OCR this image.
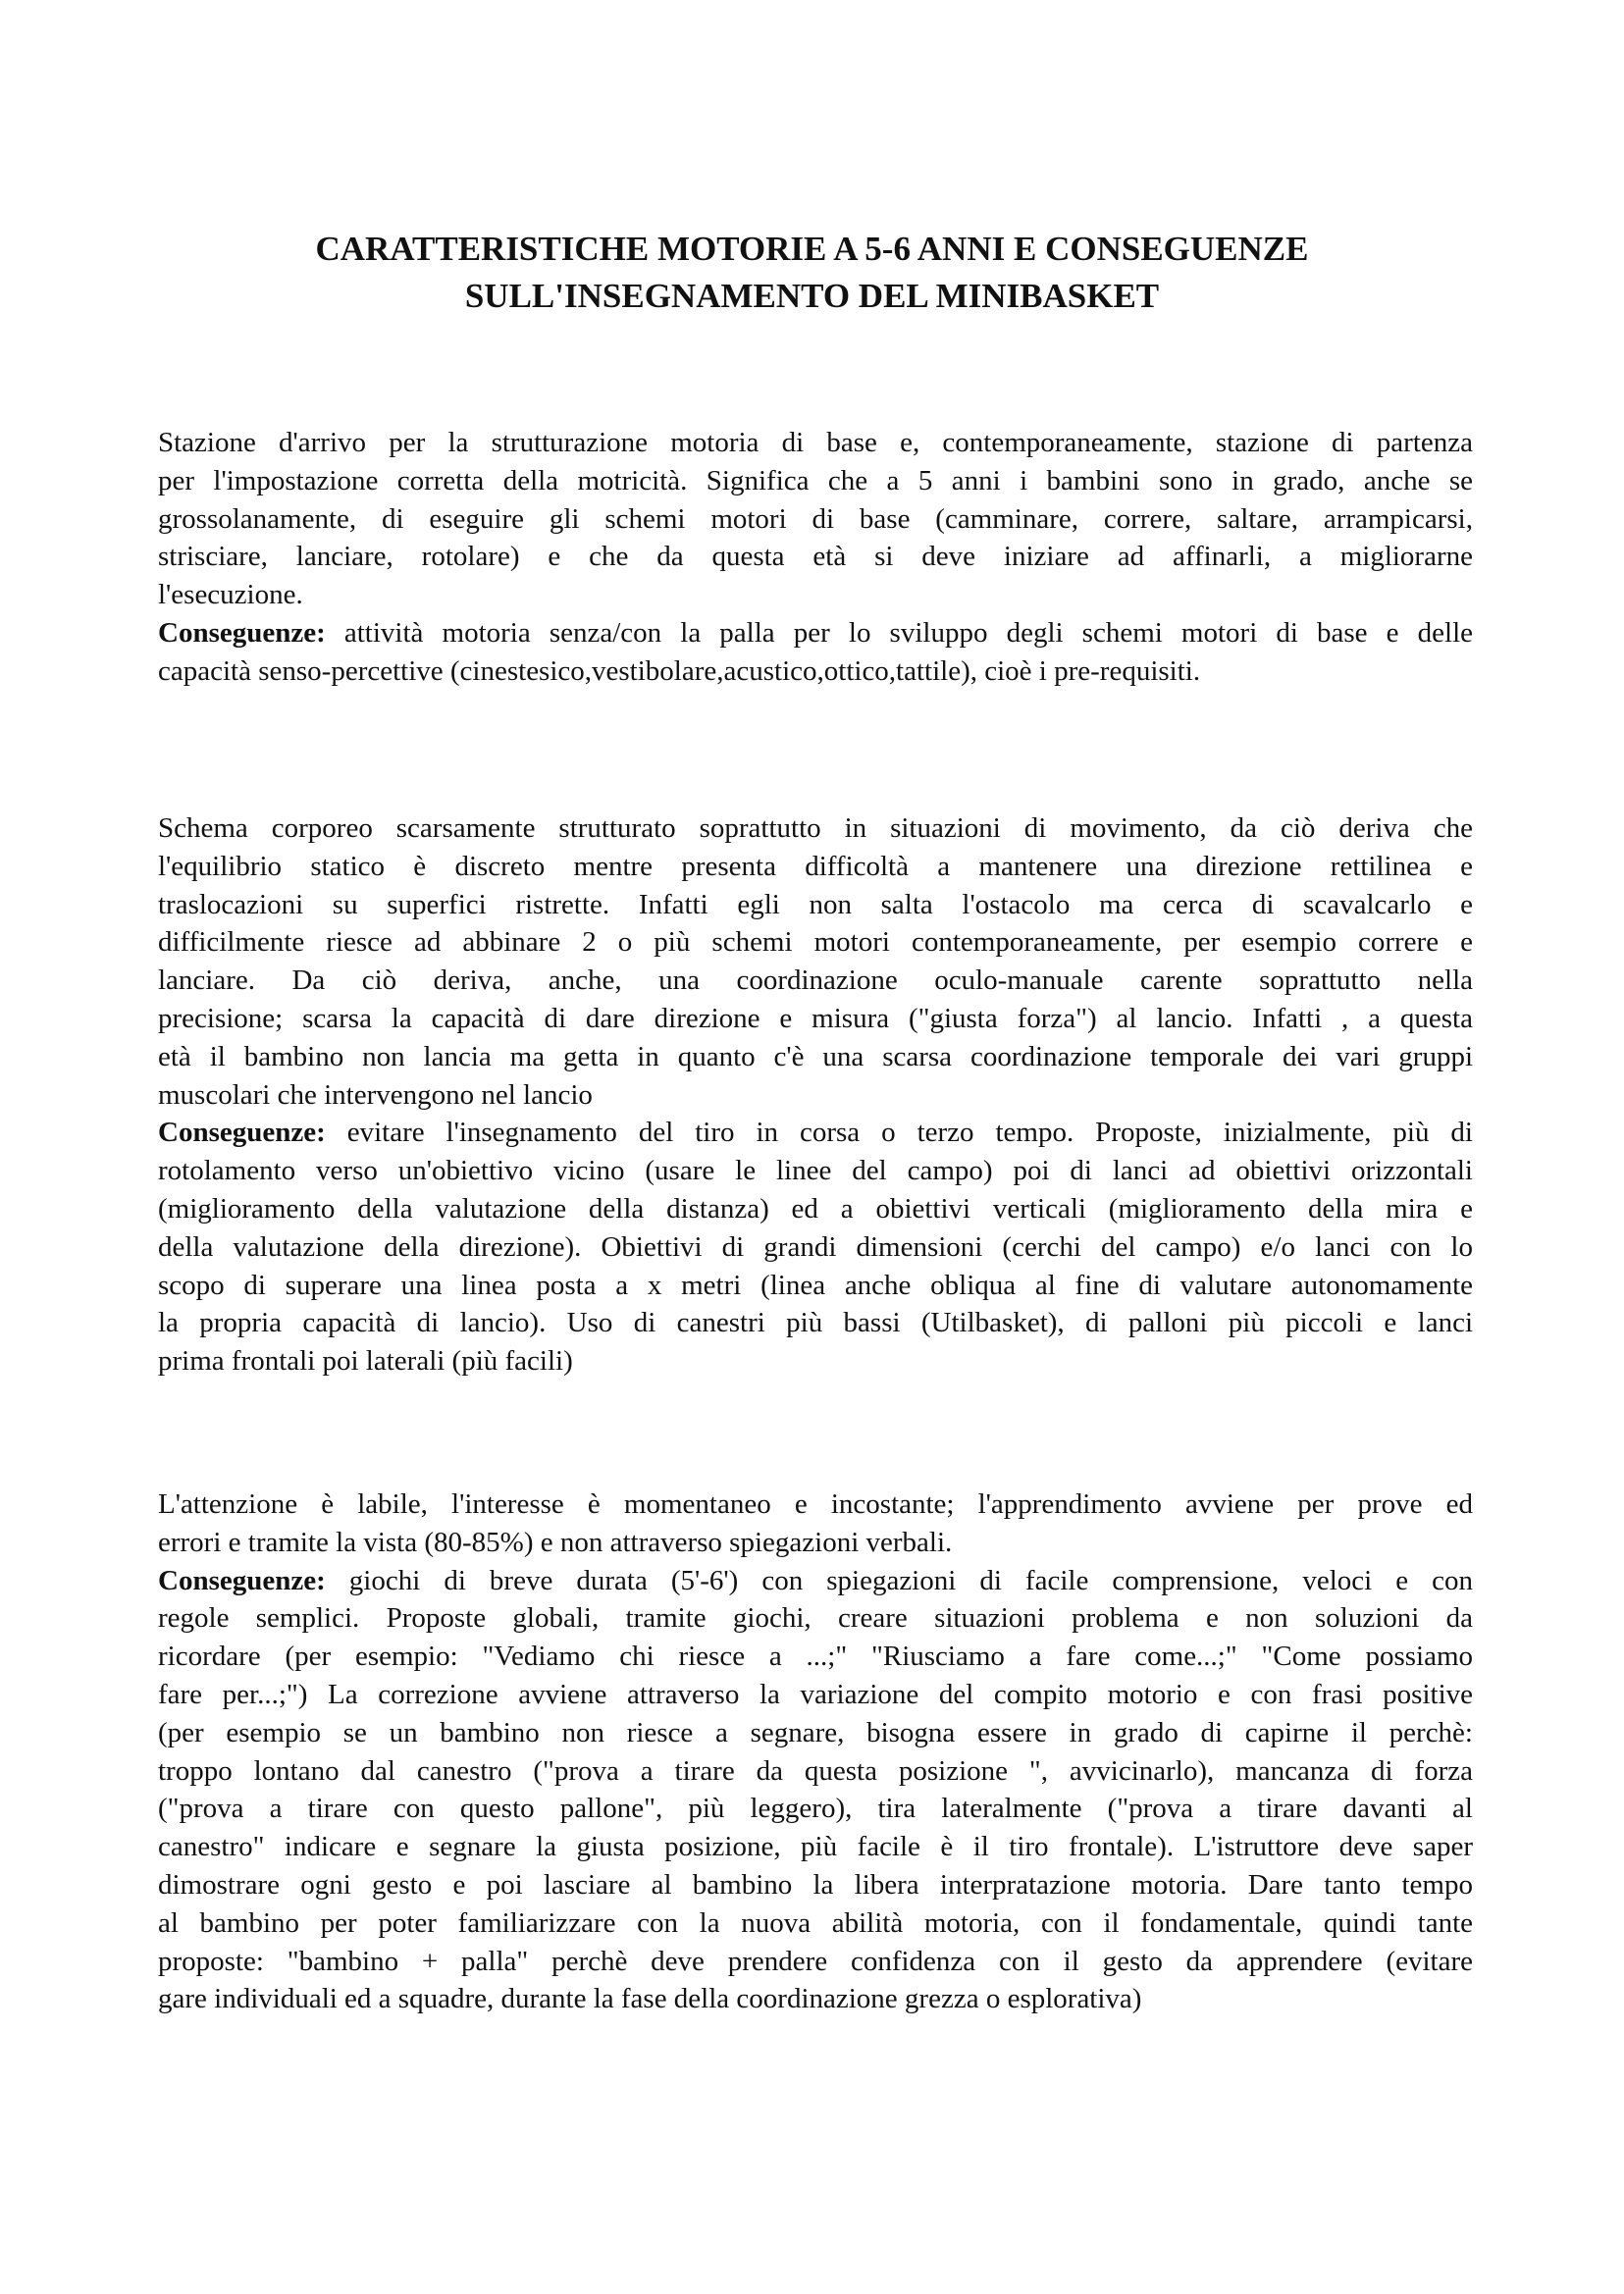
CARATTERISTICHE MOTORIE A 5-6 ANNI E CONSEGUENZE
SULL'INSEGNAMENTO DEL MINIBASKET

Stazione d'arrivo per la strutturazione motoria di base e, contemporaneamente, stazione di partenza
per l'impostazione corretta della motricità. Significa che a 5 anni i bambini sono in grado, anche se
grossolanamente, di eseguire gli schemi motori di base (camminare, correre, saltare, arrampicarsi,
strisciare, lanciare, rotolare) e che da questa età si deve iniziare ad affinarli, a migliorarne
l'esecuzione.

Conseguenze: attività motoria senza/con la palla per lo sviluppo degli schemi motori di base e delle
capacità senso-percettive (cinestesico,vestibolare,acustico,ottico,tattile), cioè i pre-requisiti.

Schema corporeo scarsamente strutturato soprattutto in situazioni di movimento, da ciò deriva che
l'equilibrio statico è discreto mentre presenta difficoltà a mantenere una direzione rettilinea e
traslocazioni su superfici ristrette. Infatti egli non salta l'ostacolo ma cerca di scavalcarlo e
difficilmente riesce ad abbinare 2 o più schemi motori contemporaneamente, per esempio correre e
lanciare. Da ciò deriva, anche, una coordinazione oculo-manuale carente soprattutto nella
precisione; scarsa la capacità di dare direzione e misura ("giusta forza") al lancio. Infatti , a questa
età il bambino non lancia ma getta in quanto c'è una scarsa coordinazione temporale dei vari gruppi
muscolari che intervengono nel lancio

Conseguenze: evitare l'insegnamento del tiro in corsa o terzo tempo. Proposte, inizialmente, più di
rotolamento verso un'obiettivo vicino (usare le linee del campo) poi di lanci ad obiettivi orizzontali
(miglioramento della valutazione della distanza) ed a obiettivi verticali (miglioramento della mira e
della valutazione della direzione). Obiettivi di grandi dimensioni (cerchi del campo) e/o lanci con lo
scopo di superare una linea posta a x metri (linea anche obliqua al fine di valutare autonomamente
la propria capacità di lancio). Uso di canestri più bassi (Utilbasket), di palloni più piccoli e lanci
prima frontali poi laterali (più facili)

L'attenzione è labile, l'interesse è momentaneo e incostante; l'apprendimento avviene per prove ed
errori e tramite la vista (80-85%) e non attraverso spiegazioni verbali.

Conseguenze: giochi di breve durata (5'-6') con spiegazioni di facile comprensione, veloci e con
regole semplici. Proposte globali, tramite giochi, creare situazioni problema e non soluzioni da
ricordare (per esempio: "Vediamo chi riesce a ...;" "Riusciamo a fare come...;" "Come possiamo
fare per...;") La correzione avviene attraverso la variazione del compito motorio e con frasi positive
(per esempio se un bambino non riesce a segnare, bisogna essere in grado di capirne il perchè:
troppo lontano dal canestro ("prova a tirare da questa posizione ", avvicinarlo), mancanza di forza
("prova a tirare con questo pallone", più leggero), tira lateralmente ("prova a tirare davanti al
canestro" indicare e segnare la giusta posizione, più facile è il tiro frontale). L'istruttore deve saper
dimostrare ogni gesto e poi lasciare al bambino la libera interpratazione motoria. Dare tanto tempo
al bambino per poter familiarizzare con la nuova abilità motoria, con il fondamentale, quindi tante
proposte: "bambino + palla" perchè deve prendere confidenza con il gesto da apprendere (evitare
gare individuali ed a squadre, durante la fase della coordinazione grezza o esplorativa)
